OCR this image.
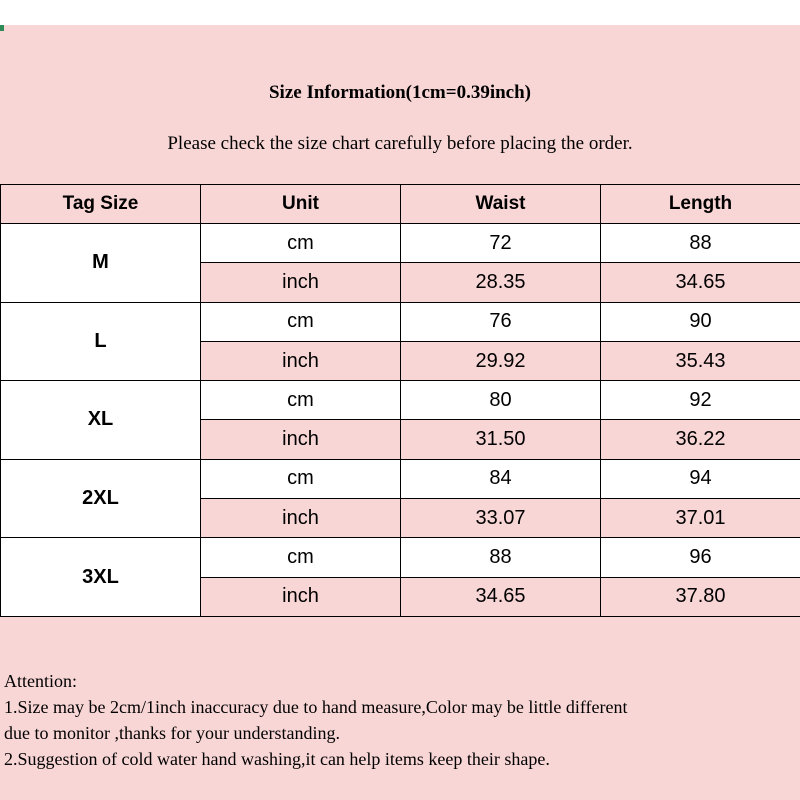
Size Information(1cm=0.39inch)
Please check the size chart carefully before placing the order.
Tag Size	Unit	Waist	Length
M	cm	72	88
	inch	28.35	34.65
L	cm	76	90
	inch	29.92	35.43
XL	cm	80	92
	inch	31.50	36.22
2XL	cm	84	94
	inch	33.07	37.01
3XL	cm	88	96
	inch	34.65	37.80
Attention:
1.Size may be 2cm/1inch inaccuracy due to hand measure,Color may be little different
due to monitor ,thanks for your understanding.
2.Suggestion of cold water hand washing,it can help items keep their shape.
